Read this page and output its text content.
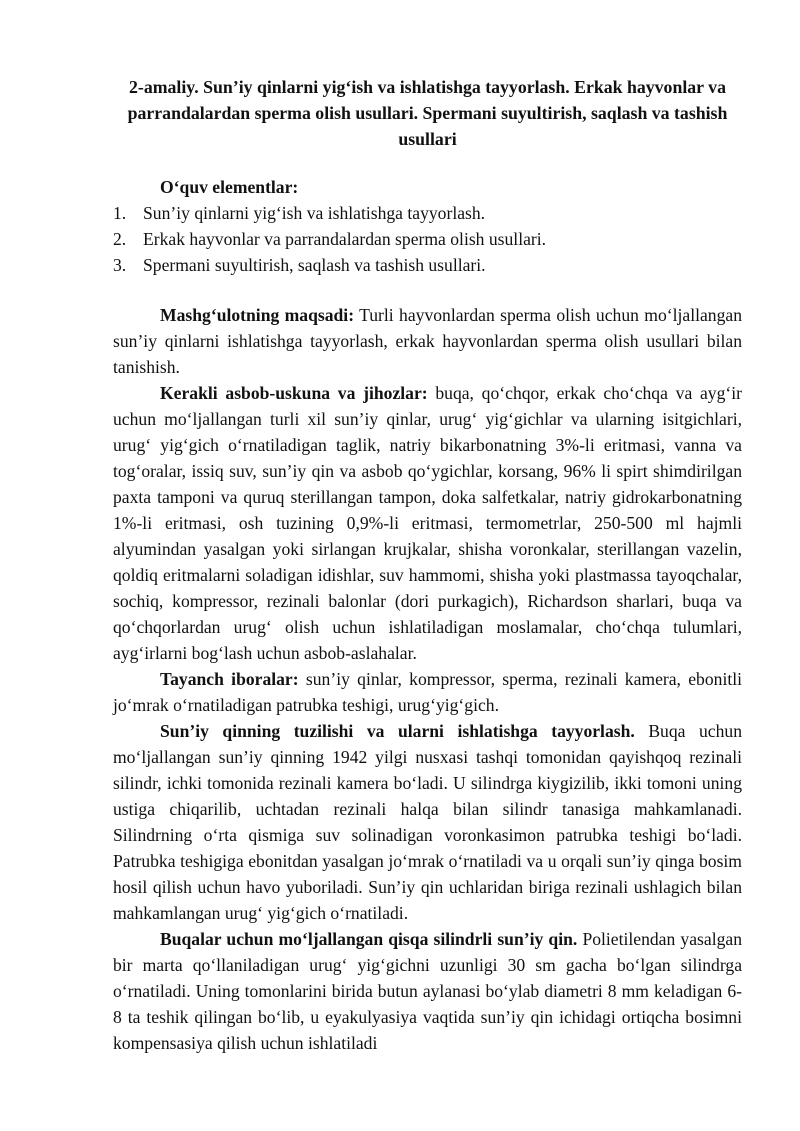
2-amaliy. Sun’iy qinlarni yig‘ish va ishlatishga tayyorlash. Erkak hayvonlar va parrandalardan sperma olish usullari. Spermani suyultirish, saqlash va tashish usullari
O‘quv elementlar:
1. Sun’iy qinlarni yig‘ish va ishlatishga tayyorlash.
2. Erkak hayvonlar va parrandalardan sperma olish usullari.
3. Spermani suyultirish, saqlash va tashish usullari.

Mashg‘ulotning maqsadi: Turli hayvonlardan sperma olish uchun mo‘ljallangan sun’iy qinlarni ishlatishga tayyorlash, erkak hayvonlardan sperma olish usullari bilan tanishish.

Kerakli asbob-uskuna va jihozlar: buqa, qo‘chqor, erkak cho‘chqa va ayg‘ir uchun mo‘ljallangan turli xil sun’iy qinlar, urug‘ yig‘gichlar va ularning isitgichlari, urug‘ yig‘gich o‘rnatiladigan taglik, natriy bikarbonatning 3%-li eritmasi, vanna va tog‘oralar, issiq suv, sun’iy qin va asbob qo‘ygichlar, korsang, 96% li spirt shimdirilgan paxta tamponi va quruq sterillangan tampon, doka salfetkalar, natriy gidrokarbonatning 1%-li eritmasi, osh tuzining 0,9%-li eritmasi, termometrlar, 250-500 ml hajmli alyumindan yasalgan yoki sirlangan krujkalar, shisha voronkalar, sterillangan vazelin, qoldiq eritmalarni soladigan idishlar, suv hammomi, shisha yoki plastmassa tayoqchalar, sochiq, kompressor, rezinali balonlar (dori purkagich), Richardson sharlari, buqa va qo‘chqorlardan urug‘ olish uchun ishlatiladigan moslamalar, cho‘chqa tulumlari, ayg‘irlarni bog‘lash uchun asbob-aslahalar.

Tayanch iboralar: sun’iy qinlar, kompressor, sperma, rezinali kamera, ebonitli jo‘mrak o‘rnatiladigan patrubka teshigi, urug‘yig‘gich.

Sun’iy qinning tuzilishi va ularni ishlatishga tayyorlash. Buqa uchun mo‘ljallangan sun’iy qinning 1942 yilgi nusxasi tashqi tomonidan qayishqoq rezinali silindr, ichki tomonida rezinali kamera bo‘ladi. U silindrga kiygizilib, ikki tomoni uning ustiga chiqarilib, uchtadan rezinali halqa bilan silindr tanasiga mahkamlanadi. Silindrning o‘rta qismiga suv solinadigan voronkasimon patrubka teshigi bo‘ladi. Patrubka teshigiga ebonitdan yasalgan jo‘mrak o‘rnatiladi va u orqali sun’iy qinga bosim hosil qilish uchun havo yuboriladi. Sun’iy qin uchlaridan biriga rezinali ushlagich bilan mahkamlangan urug‘ yig‘gich o‘rnatiladi.

Buqalar uchun mo‘ljallangan qisqa silindrli sun’iy qin. Polietilendan yasalgan bir marta qo‘llaniladigan urug‘ yig‘gichni uzunligi 30 sm gacha bo‘lgan silindrga o‘rnatiladi. Uning tomonlarini birida butun aylanasi bo‘ylab diametri 8 mm keladigan 6-8 ta teshik qilingan bo‘lib, u eyakulyasiya vaqtida sun’iy qin ichidagi ortiqcha bosimni kompensasiya qilish uchun ishlatiladi
